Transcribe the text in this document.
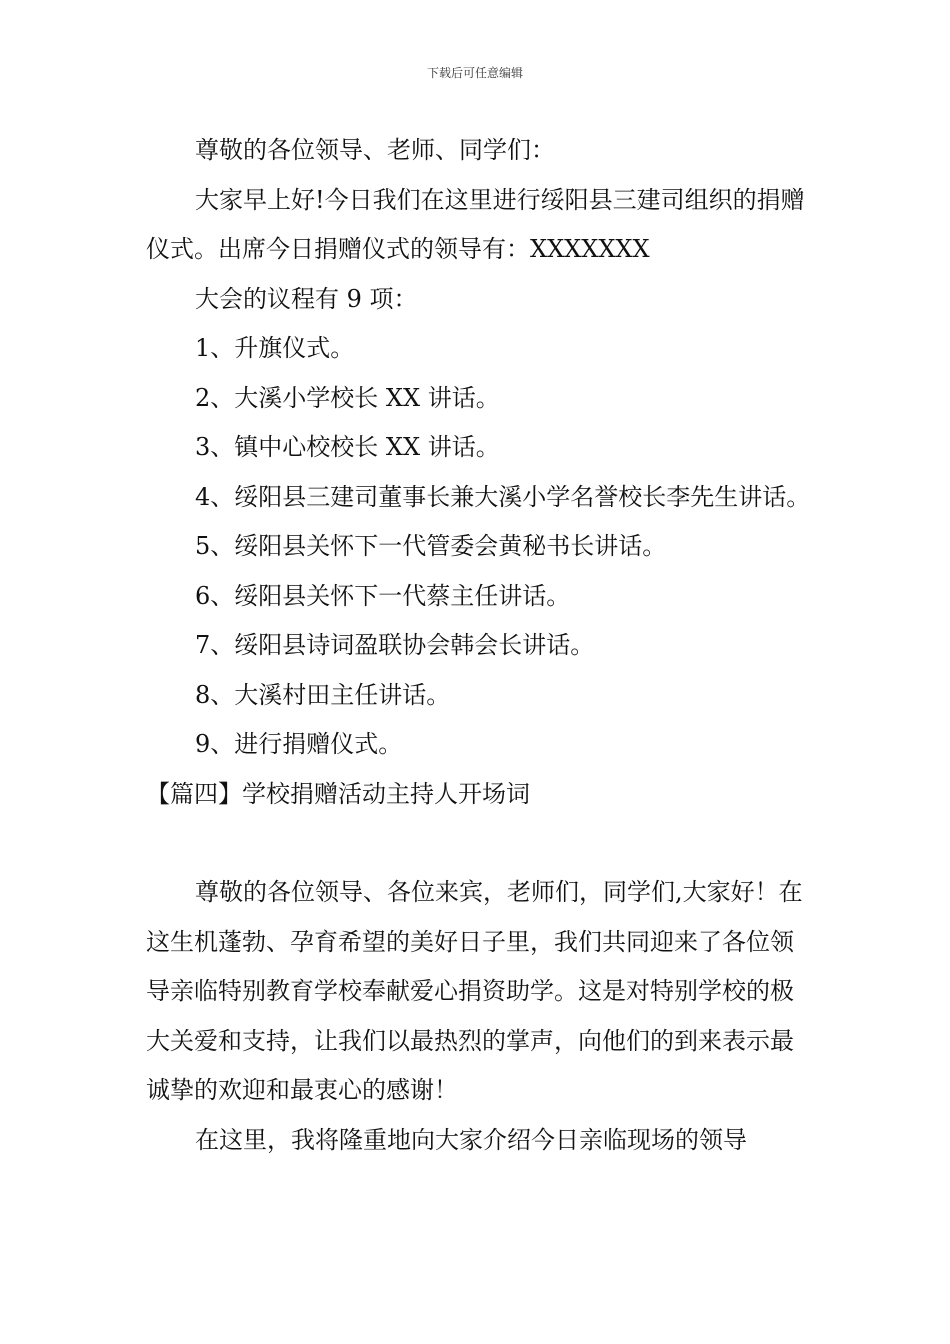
下载后可任意编辑

尊敬的各位领导、老师、同学们：

大家早上好!今日我们在这里进行绥阳县三建司组织的捐赠仪式。出席今日捐赠仪式的领导有：XXXXXXX

大会的议程有 9 项：

1、升旗仪式。

2、大溪小学校长 XX 讲话。

3、镇中心校校长 XX 讲话。

4、绥阳县三建司董事长兼大溪小学名誉校长李先生讲话。

5、绥阳县关怀下一代管委会黄秘书长讲话。

6、绥阳县关怀下一代蔡主任讲话。

7、绥阳县诗词盈联协会韩会长讲话。

8、大溪村田主任讲话。

9、进行捐赠仪式。

【篇四】学校捐赠活动主持人开场词

尊敬的各位领导、各位来宾，老师们，同学们,大家好！在这生机蓬勃、孕育希望的美好日子里，我们共同迎来了各位领导亲临特别教育学校奉献爱心捐资助学。这是对特别学校的极大关爱和支持，让我们以最热烈的掌声，向他们的到来表示最诚挚的欢迎和最衷心的感谢！

在这里，我将隆重地向大家介绍今日亲临现场的领导
